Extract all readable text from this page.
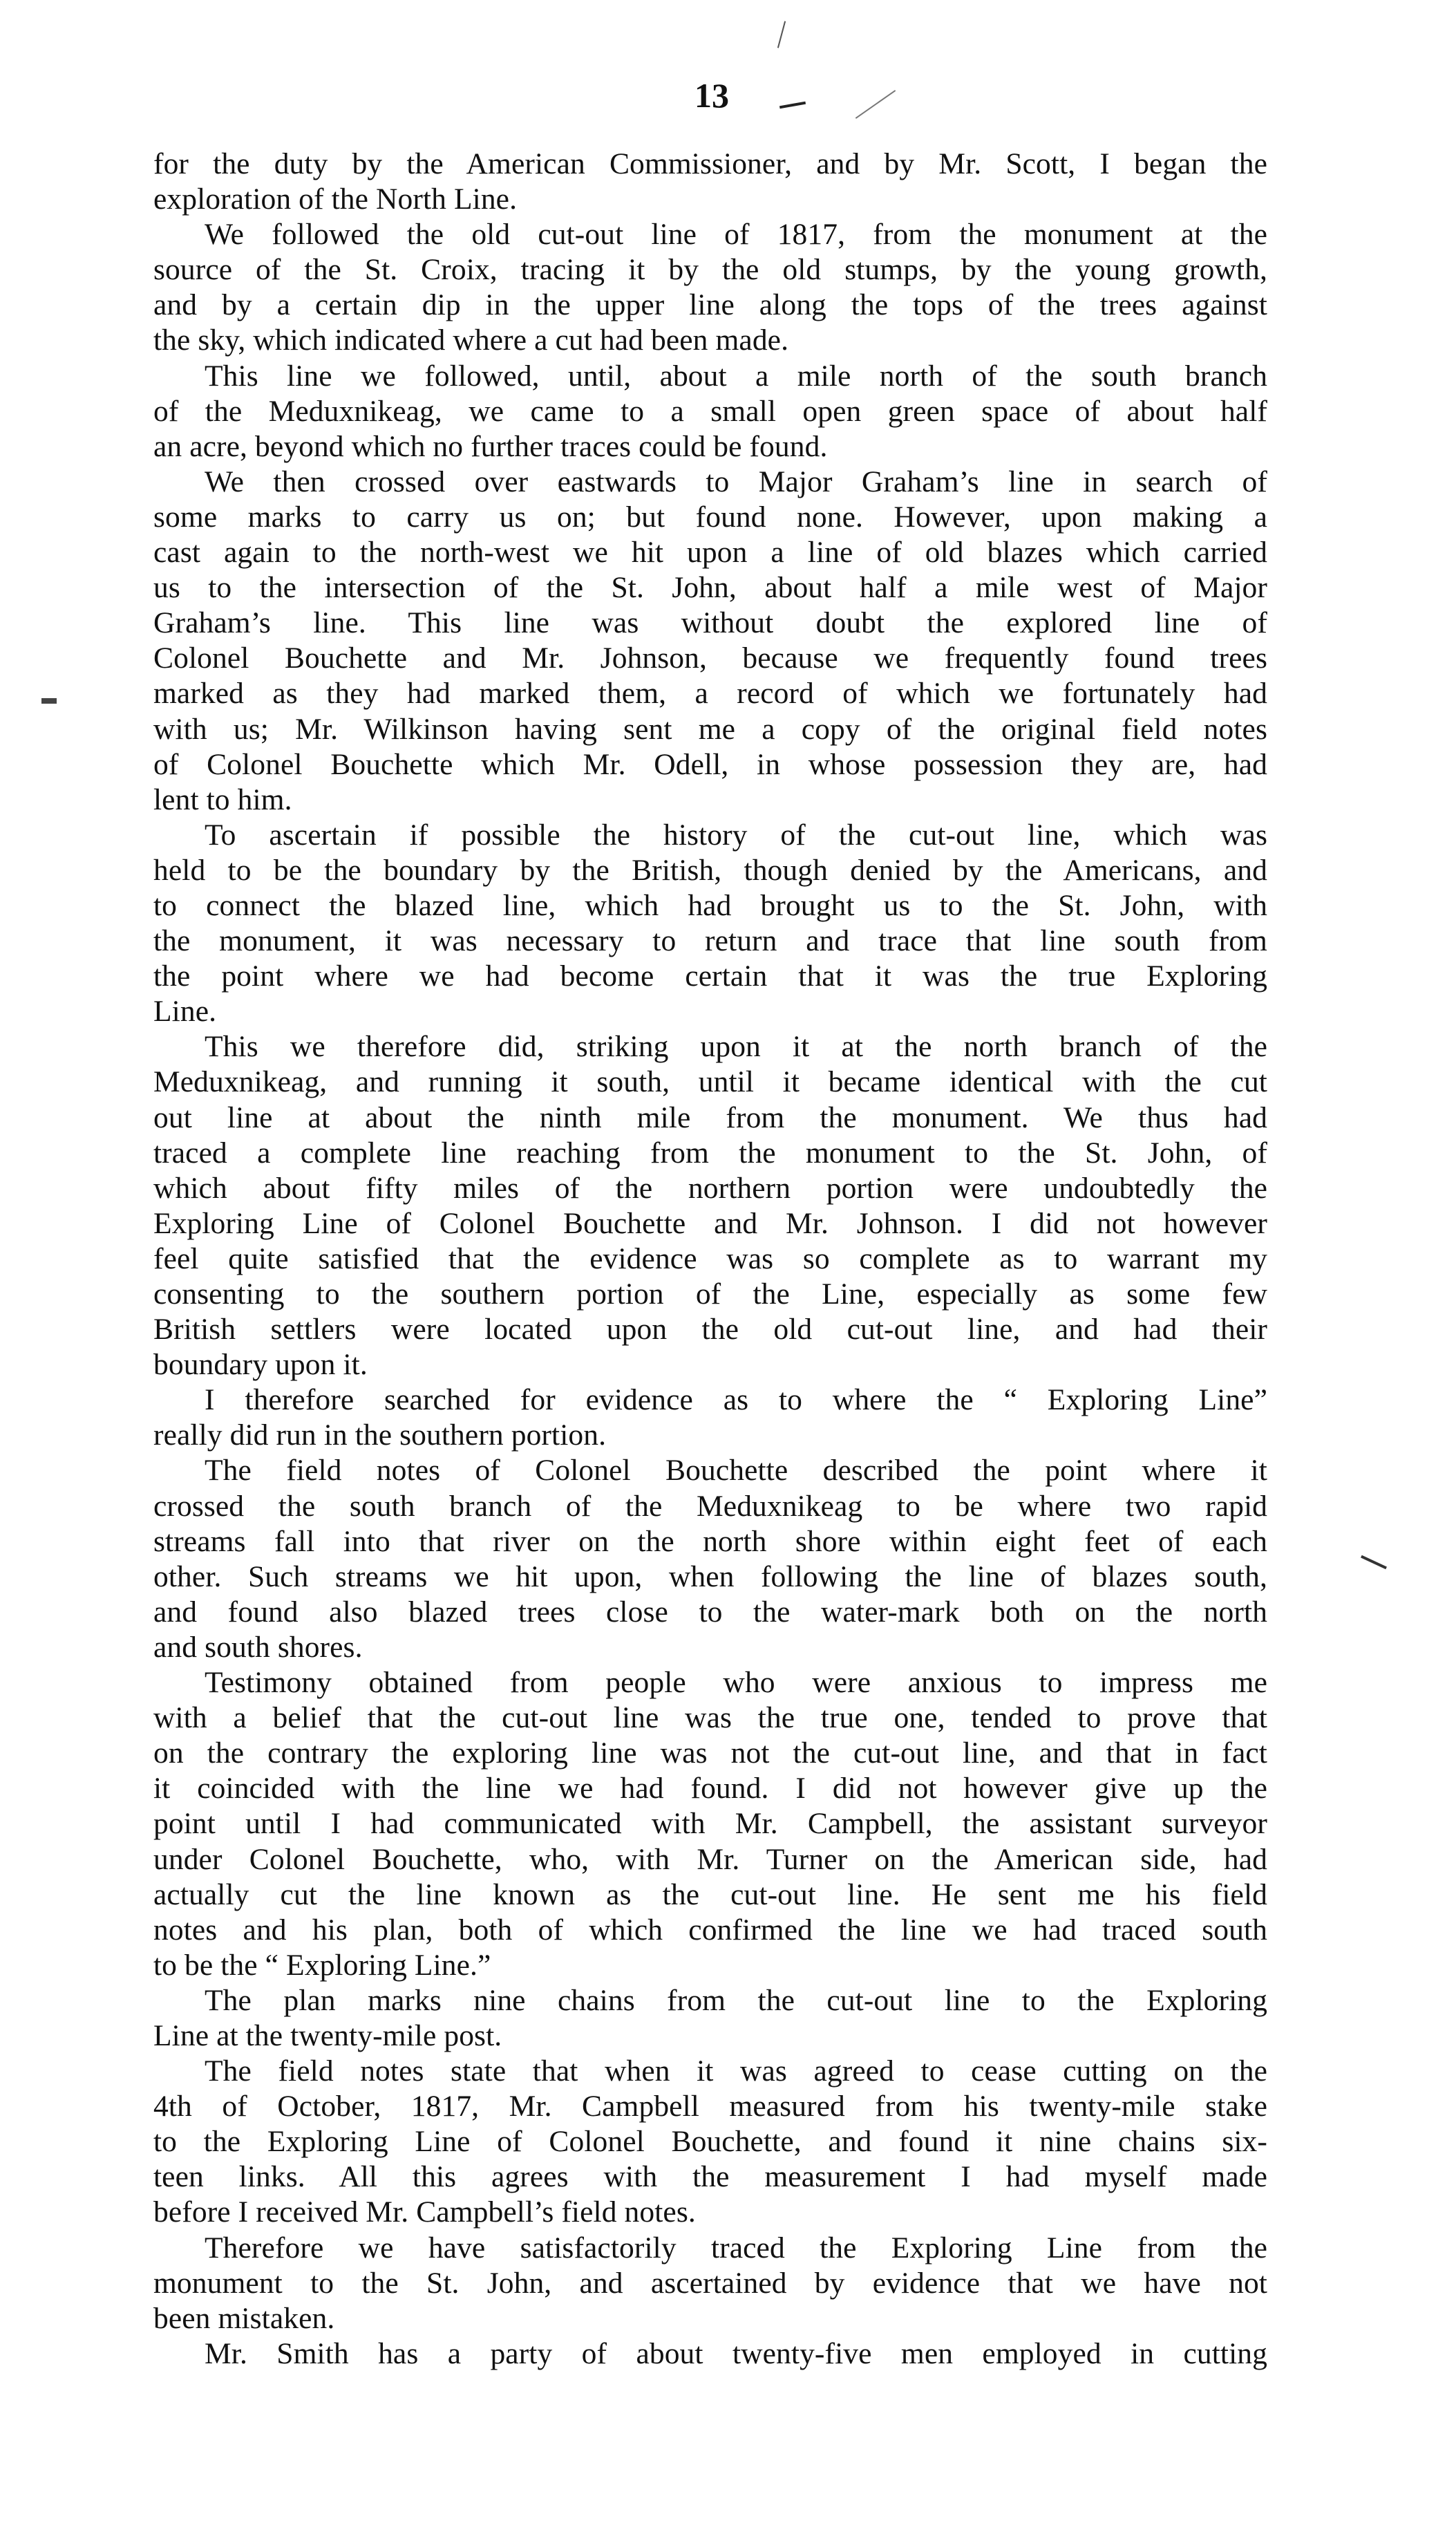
13
for the duty by the American Commissioner, and by Mr. Scott, I began the
exploration of the North Line.
We followed the old cut-out line of 1817, from the monument at the
source of the St. Croix, tracing it by the old stumps, by the young growth,
and by a certain dip in the upper line along the tops of the trees against
the sky, which indicated where a cut had been made.
This line we followed, until, about a mile north of the south branch
of the Meduxnikeag, we came to a small open green space of about half
an acre, beyond which no further traces could be found.
We then crossed over eastwards to Major Graham’s line in search of
some marks to carry us on; but found none. However, upon making a
cast again to the north-west we hit upon a line of old blazes which carried
us to the intersection of the St. John, about half a mile west of Major
Graham’s line. This line was without doubt the explored line of
Colonel Bouchette and Mr. Johnson, because we frequently found trees
marked as they had marked them, a record of which we fortunately had
with us; Mr. Wilkinson having sent me a copy of the original field notes
of Colonel Bouchette which Mr. Odell, in whose possession they are, had
lent to him.
To ascertain if possible the history of the cut-out line, which was
held to be the boundary by the British, though denied by the Americans, and
to connect the blazed line, which had brought us to the St. John, with
the monument, it was necessary to return and trace that line south from
the point where we had become certain that it was the true Exploring
Line.
This we therefore did, striking upon it at the north branch of the
Meduxnikeag, and running it south, until it became identical with the cut
out line at about the ninth mile from the monument. We thus had
traced a complete line reaching from the monument to the St. John, of
which about fifty miles of the northern portion were undoubtedly the
Exploring Line of Colonel Bouchette and Mr. Johnson. I did not however
feel quite satisfied that the evidence was so complete as to warrant my
consenting to the southern portion of the Line, especially as some few
British settlers were located upon the old cut-out line, and had their
boundary upon it.
I therefore searched for evidence as to where the “ Exploring Line”
really did run in the southern portion.
The field notes of Colonel Bouchette described the point where it
crossed the south branch of the Meduxnikeag to be where two rapid
streams fall into that river on the north shore within eight feet of each
other. Such streams we hit upon, when following the line of blazes south,
and found also blazed trees close to the water-mark both on the north
and south shores.
Testimony obtained from people who were anxious to impress me
with a belief that the cut-out line was the true one, tended to prove that
on the contrary the exploring line was not the cut-out line, and that in fact
it coincided with the line we had found. I did not however give up the
point until I had communicated with Mr. Campbell, the assistant surveyor
under Colonel Bouchette, who, with Mr. Turner on the American side, had
actually cut the line known as the cut-out line. He sent me his field
notes and his plan, both of which confirmed the line we had traced south
to be the “ Exploring Line.”
The plan marks nine chains from the cut-out line to the Exploring
Line at the twenty-mile post.
The field notes state that when it was agreed to cease cutting on the
4th of October, 1817, Mr. Campbell measured from his twenty-mile stake
to the Exploring Line of Colonel Bouchette, and found it nine chains six-
teen links. All this agrees with the measurement I had myself made
before I received Mr. Campbell’s field notes.
Therefore we have satisfactorily traced the Exploring Line from the
monument to the St. John, and ascertained by evidence that we have not
been mistaken.
Mr. Smith has a party of about twenty-five men employed in cutting
